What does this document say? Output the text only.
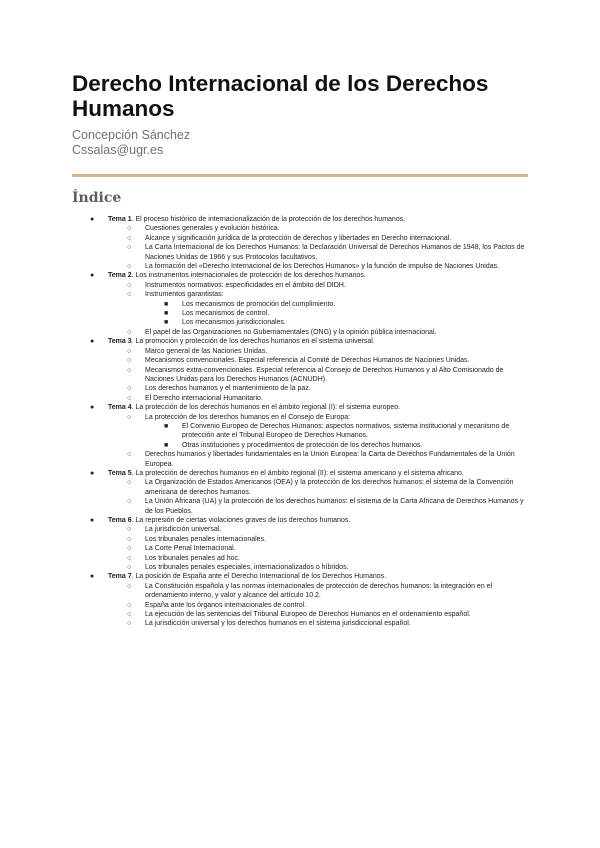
Derecho Internacional de los Derechos Humanos
Concepción Sánchez
Cssalas@ugr.es
Índice
● Tema 1. El proceso histórico de internacionalización de la protección de los derechos humanos.
○ Cuestiones generales y evolución histórica.
○ Alcance y significación jurídica de la protección de derechos y libertades en Derecho internacional.
○ La Carta Internacional de los Derechos Humanos: la Declaración Universal de Derechos Humanos de 1948, los Pactos de Naciones Unidas de 1966 y sus Protocolos facultativos.
○ La formación del «Derecho Internacional de los Derechos Humanos» y la función de impulso de Naciones Unidas.
● Tema 2. Los instrumentos internacionales de protección de los derechos humanos.
○ Instrumentos normativos: especificidades en el ámbito del DIDH.
○ Instrumentos garantistas:
■ Los mecanismos de promoción del cumplimiento.
■ Los mecanismos de control.
■ Los mecanismos jurisdiccionales.
○ El papel de las Organizaciones no Gubernamentales (ONG) y la opinión pública internacional.
● Tema 3. La promoción y protección de los derechos humanos en el sistema universal.
○ Marco general de las Naciones Unidas.
○ Mecanismos convencionales. Especial referencia al Comité de Derechos Humanos de Naciones Unidas.
○ Mecanismos extra-convencionales. Especial referencia al Consejo de Derechos Humanos y al Alto Comisionado de Naciones Unidas para los Derechos Humanos (ACNUDH).
○ Los derechos humanos y el mantenimiento de la paz.
○ El Derecho internacional Humanitario.
● Tema 4. La protección de los derechos humanos en el ámbito regional (I): el sistema europeo.
○ La protección de los derechos humanos en el Consejo de Europa:
■ El Convenio Europeo de Derechos Humanos: aspectos normativos, sistema institucional y mecanismo de protección ante el Tribunal Europeo de Derechos Humanos.
■ Otras instituciones y procedimientos de protección de los derechos humanos.
○ Derechos humanos y libertades fundamentales en la Unión Europea: la Carta de Derechos Fundamentales de la Unión Europea.
● Tema 5. La protección de derechos humanos en el ámbito regional (II): el sistema americano y el sistema africano.
○ La Organización de Estados Americanos (OEA) y la protección de los derechos humanos: el sistema de la Convención americana de derechos humanos.
○ La Unión Africana (UA) y la protección de los derechos humanos: el sistema de la Carta Africana de Derechos Humanos y de los Pueblos.
● Tema 6. La represión de ciertas violaciones graves de los derechos humanos.
○ La jurisdicción universal.
○ Los tribunales penales internacionales.
○ La Corte Penal Internacional.
○ Los tribunales penales ad hoc.
○ Los tribunales penales especiales, internacionalizados o híbridos.
● Tema 7. La posición de España ante el Derecho Internacional de los Derechos Humanos.
○ La Constitución española y las normas internacionales de protección de derechos humanos: la integración en el ordenamiento interno, y valor y alcance del artículo 10.2.
○ España ante los órganos internacionales de control.
○ La ejecución de las sentencias del Tribunal Europeo de Derechos Humanos en el ordenamiento español.
○ La jurisdicción universal y los derechos humanos en el sistema jurisdiccional español.
